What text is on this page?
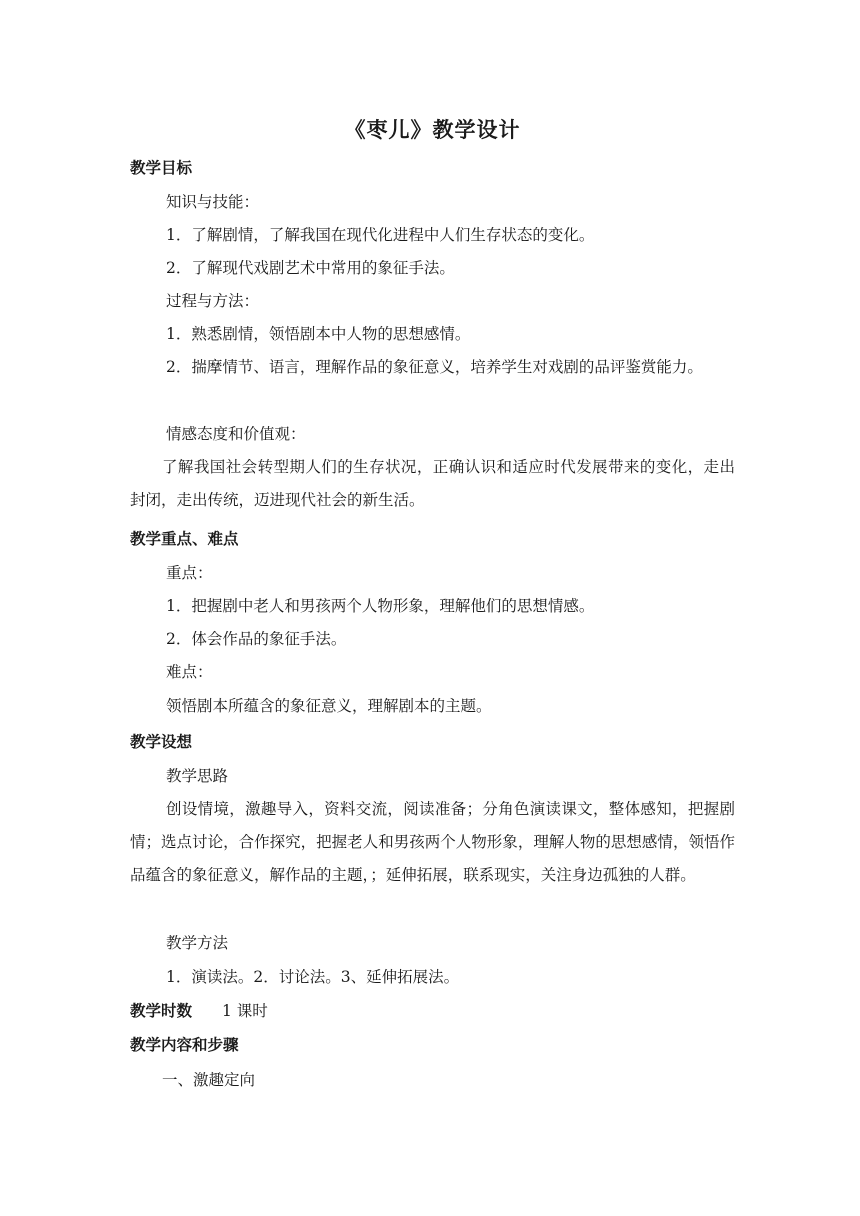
《枣儿》教学设计
教学目标
知识与技能：
1．了解剧情，了解我国在现代化进程中人们生存状态的变化。
2．了解现代戏剧艺术中常用的象征手法。
过程与方法：
1．熟悉剧情，领悟剧本中人物的思想感情。
2．揣摩情节、语言，理解作品的象征意义，培养学生对戏剧的品评鉴赏能力。
情感态度和价值观：
了解我国社会转型期人们的生存状况，正确认识和适应时代发展带来的变化，走出封闭，走出传统，迈进现代社会的新生活。
教学重点、难点
重点：
1．把握剧中老人和男孩两个人物形象，理解他们的思想情感。
2．体会作品的象征手法。
难点：
领悟剧本所蕴含的象征意义，理解剧本的主题。
教学设想
教学思路
创设情境，激趣导入，资料交流，阅读准备；分角色演读课文，整体感知，把握剧情；选点讨论，合作探究，把握老人和男孩两个人物形象，理解人物的思想感情，领悟作品蕴含的象征意义，解作品的主题，；延伸拓展，联系现实，关注身边孤独的人群。
教学方法
1．演读法。2．讨论法。3、延伸拓展法。
教学时数 1 课时
教学内容和步骤
一、激趣定向
